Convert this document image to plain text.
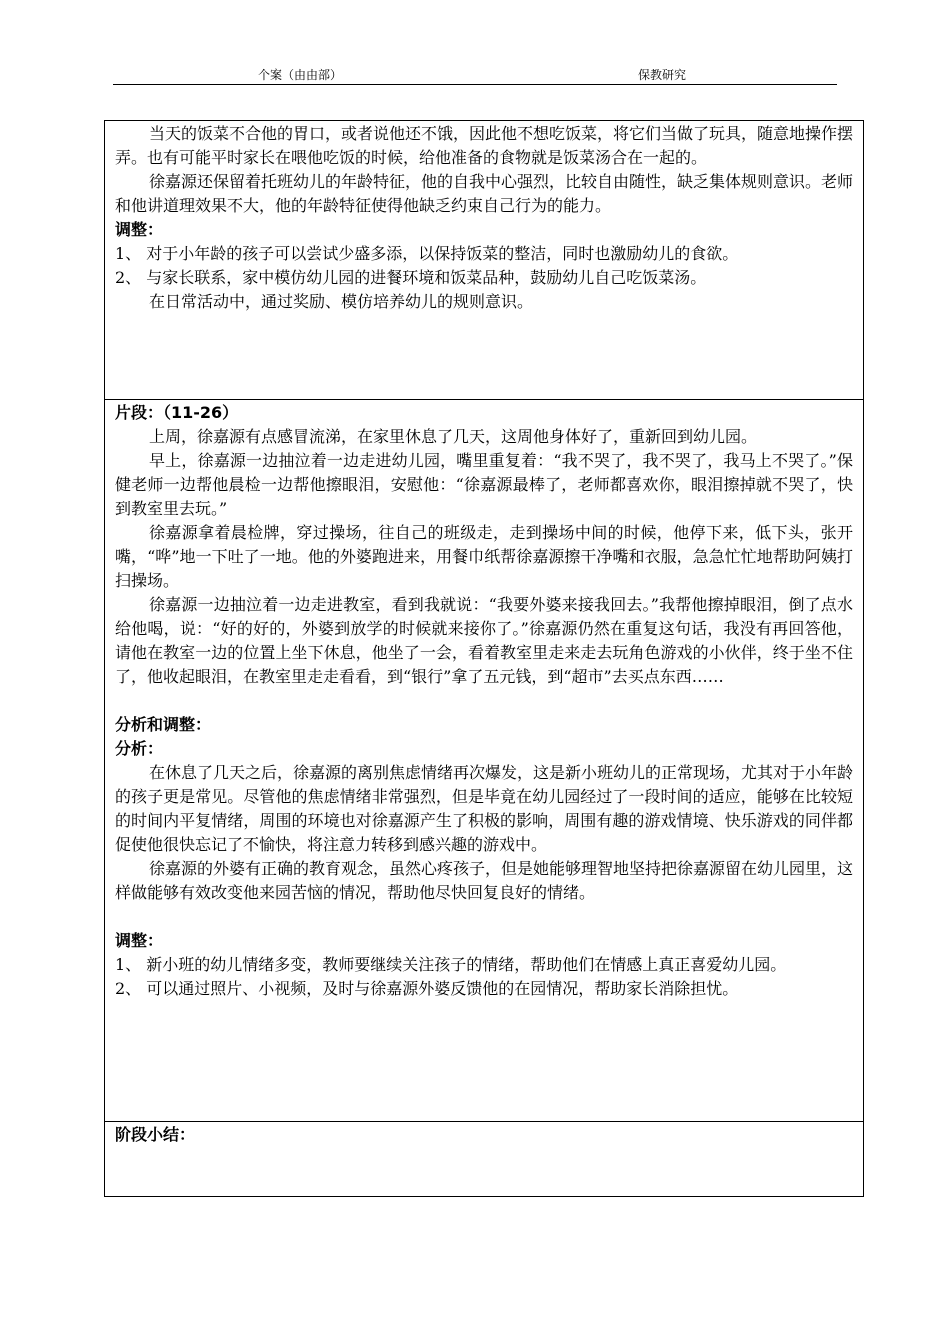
个案（由由部）	保教研究

当天的饭菜不合他的胃口，或者说他还不饿，因此他不想吃饭菜，将它们当做了玩具，随意地操作摆弄。也有可能平时家长在喂他吃饭的时候，给他准备的食物就是饭菜汤合在一起的。

徐嘉源还保留着托班幼儿的年龄特征，他的自我中心强烈，比较自由随性，缺乏集体规则意识。老师和他讲道理效果不大，他的年龄特征使得他缺乏约束自己行为的能力。

调整：

1、 对于小年龄的孩子可以尝试少盛多添，以保持饭菜的整洁，同时也激励幼儿的食欲。

2、 与家长联系，家中模仿幼儿园的进餐环境和饭菜品种，鼓励幼儿自己吃饭菜汤。

在日常活动中，通过奖励、模仿培养幼儿的规则意识。

片段：（11-26）

上周，徐嘉源有点感冒流涕，在家里休息了几天，这周他身体好了，重新回到幼儿园。

早上，徐嘉源一边抽泣着一边走进幼儿园，嘴里重复着：“我不哭了，我不哭了，我马上不哭了。”保健老师一边帮他晨检一边帮他擦眼泪，安慰他：“徐嘉源最棒了，老师都喜欢你，眼泪擦掉就不哭了，快到教室里去玩。”

徐嘉源拿着晨检牌，穿过操场，往自己的班级走，走到操场中间的时候，他停下来，低下头，张开嘴，“哗”地一下吐了一地。他的外婆跑进来，用餐巾纸帮徐嘉源擦干净嘴和衣服，急急忙忙地帮助阿姨打扫操场。

徐嘉源一边抽泣着一边走进教室，看到我就说：“我要外婆来接我回去。”我帮他擦掉眼泪，倒了点水给他喝，说：“好的好的，外婆到放学的时候就来接你了。”徐嘉源仍然在重复这句话，我没有再回答他，请他在教室一边的位置上坐下休息，他坐了一会，看着教室里走来走去玩角色游戏的小伙伴，终于坐不住了，他收起眼泪，在教室里走走看看，到“银行”拿了五元钱，到“超市”去买点东西……

分析和调整：

分析：

在休息了几天之后，徐嘉源的离别焦虑情绪再次爆发，这是新小班幼儿的正常现场，尤其对于小年龄的孩子更是常见。尽管他的焦虑情绪非常强烈，但是毕竟在幼儿园经过了一段时间的适应，能够在比较短的时间内平复情绪，周围的环境也对徐嘉源产生了积极的影响，周围有趣的游戏情境、快乐游戏的同伴都促使他很快忘记了不愉快，将注意力转移到感兴趣的游戏中。

徐嘉源的外婆有正确的教育观念，虽然心疼孩子，但是她能够理智地坚持把徐嘉源留在幼儿园里，这样做能够有效改变他来园苦恼的情况，帮助他尽快回复良好的情绪。

调整：

1、 新小班的幼儿情绪多变，教师要继续关注孩子的情绪，帮助他们在情感上真正喜爱幼儿园。

2、 可以通过照片、小视频，及时与徐嘉源外婆反馈他的在园情况，帮助家长消除担忧。

阶段小结：
